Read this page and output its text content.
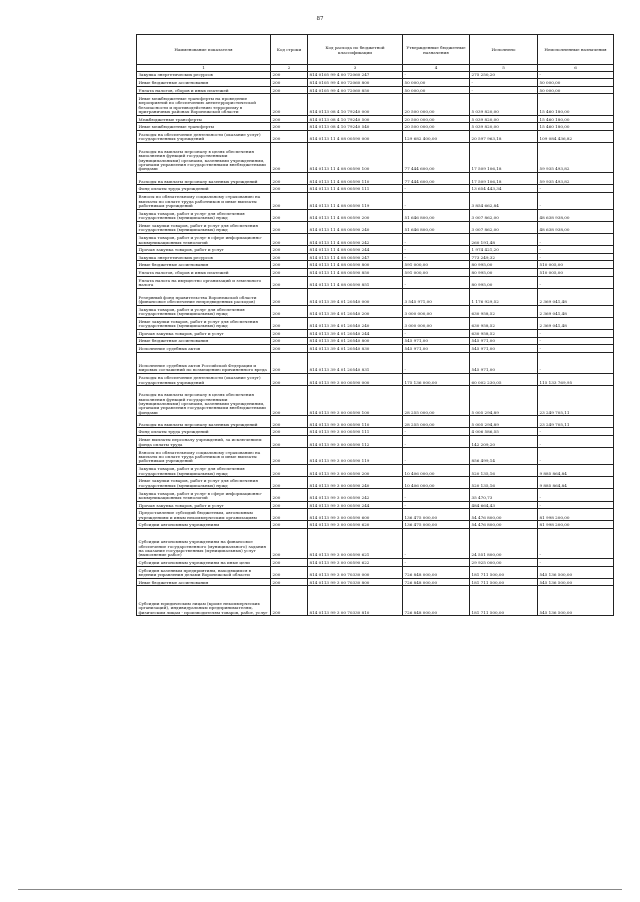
87
Наименование показателя	Код строки	Код расхода по бюджетной классификации	Утвержденные бюджетные назначения	Исполнено	Неисполненные назначения
1	2	3	4	5	6
Закупка энергетических ресурсов	200	814 0105 99 4 00 72060 247	-	275 250,20	-
Иные бюджетные ассигнования	200	814 0105 99 4 00 72060 800	50 000,00	-	50 000,00
Уплата налогов, сборов и иных платежей	200	814 0105 99 4 00 72060 850	50 000,00	-	50 000,00
Иные межбюджетные трансферты на проведение мероприятий по обеспечению антитеррористической безопасности и противодействию терроризму в приграничных районах Воронежской области	200	814 0113 08 4 10 79240 000	20 500 000,00	5 039 820,00	15 460 180,00
Межбюджетные трансферты	200	814 0113 08 4 10 79240 500	20 500 000,00	5 039 820,00	15 460 180,00
Иные межбюджетные трансферты	200	814 0113 08 4 10 79240 540	20 500 000,00	5 039 820,00	15 460 180,00
Расходы на обеспечение деятельности (оказание услуг) государственных учреждений	200	814 0113 11 4 08 00590 000	129 682 400,00	20 597 963,18	109 084 436,82
Расходы на выплаты персоналу в целях обеспечения выполнения функций государственными (муниципальными) органами, казенными учреждениями, органами управления государственными внебюджетными фондами	200	814 0113 11 4 08 00590 100	77 444 600,00	17 509 106,18	59 935 493,82
Расходы на выплаты персоналу казенных учреждений	200	814 0113 11 4 08 00590 110	77 444 600,00	17 509 106,18	59 935 493,82
Фонд оплаты труда учреждений	200	814 0113 11 4 08 00590 111	-	13 654 443,34	-
Взносы по обязательному социальному страхованию на выплаты по оплате труда работников и иные выплаты работникам учреждений	200	814 0113 11 4 08 00590 119	-	3 854 662,84	-
Закупка товаров, работ и услуг для обеспечения государственных (муниципальных) нужд	200	814 0113 11 4 08 00590 200	51 646 800,00	3 007 862,00	48 638 938,00
Иные закупки товаров, работ и услуг для обеспечения государственных (муниципальных) нужд	200	814 0113 11 4 08 00590 240	51 646 800,00	3 007 862,00	48 638 938,00
Закупка товаров, работ и услуг в сфере информационно-коммуникационных технологий	200	814 0113 11 4 08 00590 242	-	260 191,48	-
Прочая закупка товаров, работ и услуг	200	814 0113 11 4 08 00590 244	-	1 974 421,20	-
Закупка энергетических ресурсов	200	814 0113 11 4 08 00590 247	-	773 249,32	-
Иные бюджетные ассигнования	200	814 0113 11 4 08 00590 800	591 000,00	80 995,00	510 005,00
Уплата налогов, сборов и иных платежей	200	814 0113 11 4 08 00590 850	591 000,00	80 995,00	510 005,00
Уплата налога на имущество организаций и земельного налога	200	814 0113 11 4 08 00590 851	-	80 995,00	-
Резервный фонд правительства Воронежской области (финансовое обеспечение непредвиденных расходов)	200	814 0113 39 4 01 20540 000	3 545 971,00	1 176 929,52	2 369 041,48
Закупка товаров, работ и услуг для обеспечения государственных (муниципальных) нужд	200	814 0113 39 4 01 20540 200	3 000 000,00	630 958,52	2 369 041,48
Иные закупки товаров, работ и услуг для обеспечения государственных (муниципальных) нужд	200	814 0113 39 4 01 20540 240	3 000 000,00	630 958,52	2 369 041,48
Прочая закупка товаров, работ и услуг	200	814 0113 39 4 01 20540 244	-	630 958,52	-
Иные бюджетные ассигнования	200	814 0113 39 4 01 20540 800	545 971,00	545 971,00	-
Исполнение судебных актов	200	814 0113 39 4 01 20540 830	545 971,00	545 971,00	-
Исполнение судебных актов Российской Федерации и мировых соглашений по возмещению причиненного вреда	200	814 0113 39 4 01 20540 831	-	545 971,00	-
Расходы на обеспечение деятельности (оказание услуг) государственных учреждений	200	814 0113 99 3 00 00590 000	175 136 000,00	60 002 230,05	115 133 769,95
Расходы на выплаты персоналу в целях обеспечения выполнения функций государственными (муниципальными) органами, казенными учреждениями, органами управления государственными внебюджетными фондами	200	814 0113 99 3 00 00590 100	28 255 000,00	5 005 294,89	23 249 705,11
Расходы на выплаты персоналу казенных учреждений	200	814 0113 99 3 00 00590 110	28 255 000,00	5 005 294,89	23 249 705,11
Фонд оплаты труда учреждений	200	814 0113 99 3 00 00590 111	-	4 006 586,55	-
Иные выплаты персоналу учреждений, за исключением фонда оплаты труда	200	814 0113 99 3 00 00590 112	-	142 209,20	-
Взносы по обязательному социальному страхованию на выплаты по оплате труда работников и иные выплаты работникам учреждений	200	814 0113 99 3 00 00590 119	-	856 499,14	-
Закупка товаров, работ и услуг для обеспечения государственных (муниципальных) нужд	200	814 0113 99 3 00 00590 200	10 406 000,00	520 135,16	9 885 864,84
Иные закупки товаров, работ и услуг для обеспечения государственных (муниципальных) нужд	200	814 0113 99 3 00 00590 240	10 406 000,00	520 135,16	9 885 864,84
Закупка товаров, работ и услуг в сфере информационно-коммуникационных технологий	200	814 0113 99 3 00 00590 242	-	35 470,73	-
Прочая закупка товаров, работ и услуг	200	814 0113 99 3 00 00590 244	-	484 664,43	-
Предоставление субсидий бюджетным, автономным учреждениям и иным некоммерческим организациям	200	814 0113 99 3 00 00590 600	136 475 000,00	54 476 800,00	81 998 200,00
Субсидии автономным учреждениям	200	814 0113 99 3 00 00590 620	136 475 000,00	54 476 800,00	81 998 200,00
Субсидии автономным учреждениям на финансовое обеспечение государственного (муниципального) задания на оказание государственных (муниципальных) услуг (выполнение работ)	200	814 0113 99 3 00 00590 621	-	24 551 800,00	-
Субсидии автономным учреждениям на иные цели	200	814 0113 99 3 00 00590 622	-	29 925 000,00	-
Субсидия казенным предприятиям, находящимся в ведении управления делами Воронежской области	200	814 0113 99 3 00 70330 000	726 848 000,00	181 711 500,00	545 136 500,00
Иные бюджетные ассигнования	200	814 0113 99 3 00 70330 800	726 848 000,00	181 711 500,00	545 136 500,00
Субсидии юридическим лицам (кроме некоммерческих организаций), индивидуальным предпринимателям, физическим лицам - производителям товаров, работ, услуг	200	814 0113 99 3 00 70330 810	726 848 000,00	181 711 500,00	545 136 500,00
